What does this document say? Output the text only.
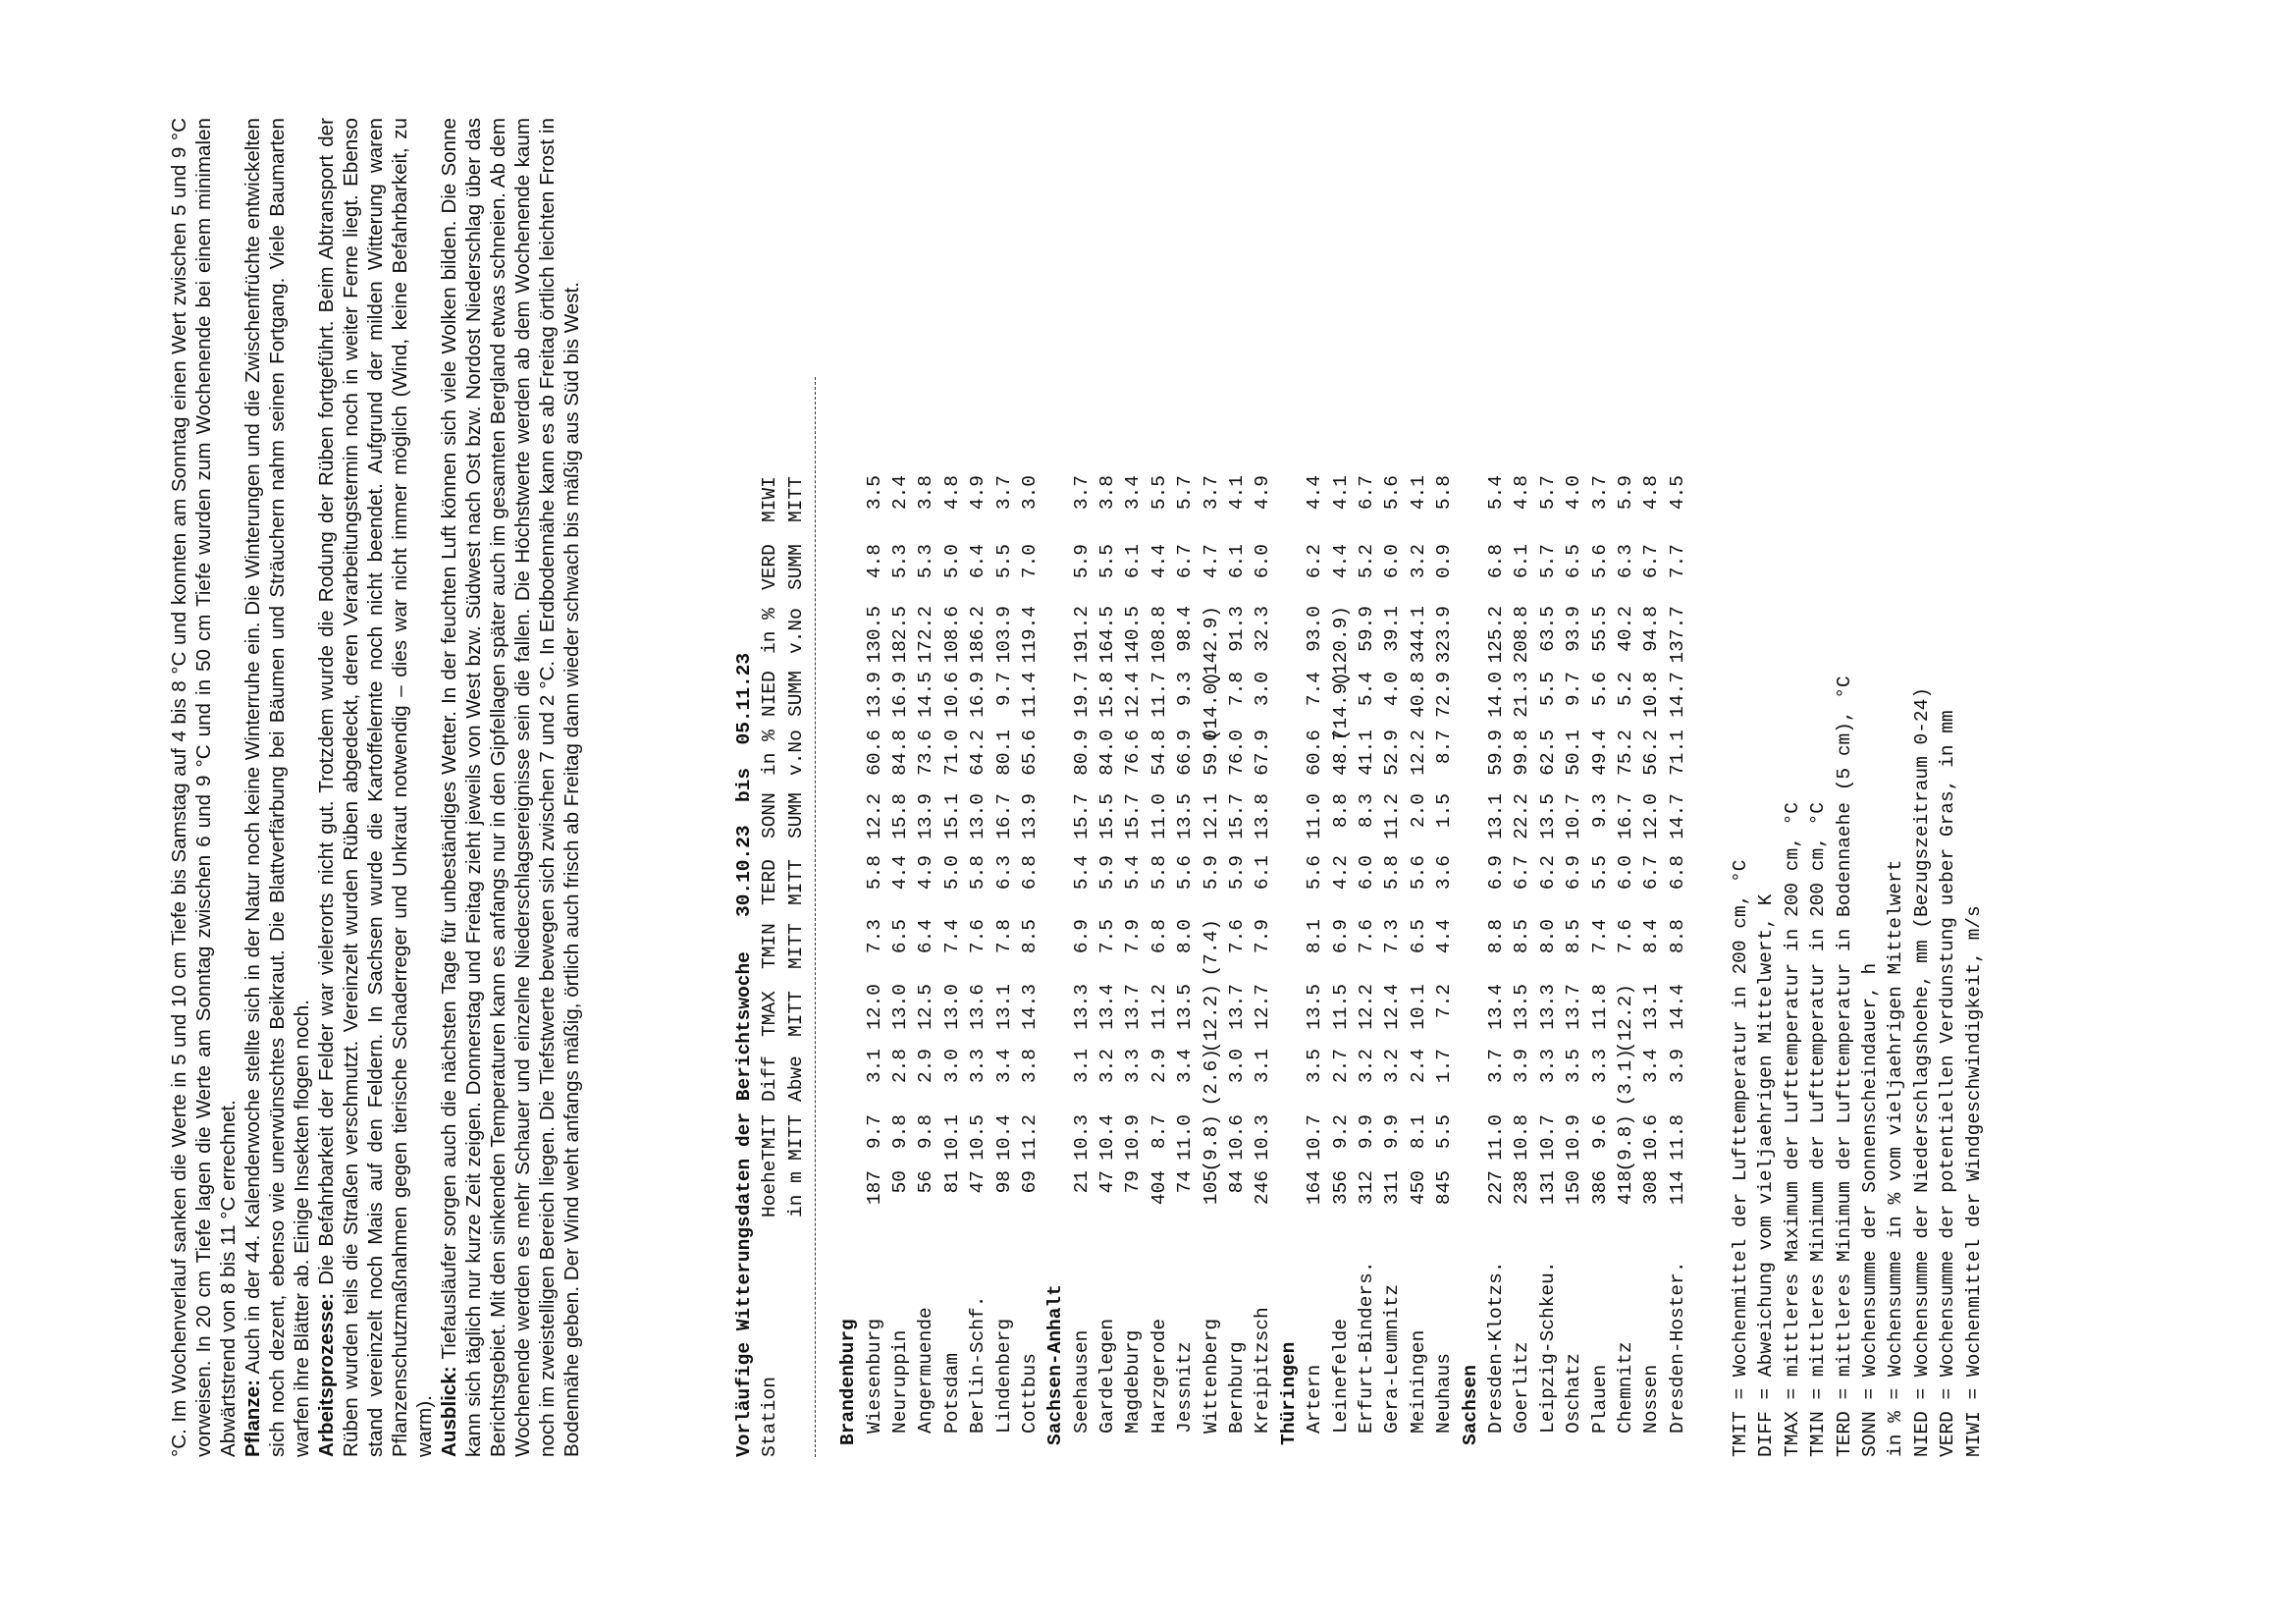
°C. Im Wochenverlauf sanken die Werte in 5 und 10 cm Tiefe bis Samstag auf 4 bis 8 °C und konnten am Sonntag einen Wert zwischen 5 und 9 °C vorweisen. In 20 cm Tiefe lagen die Werte am Sonntag zwischen 6 und 9 °C und in 50 cm Tiefe wurden zum Wochenende bei einem minimalen Abwärtstrend von 8 bis 11 °C errechnet. Pflanze: Auch in der 44. Kalenderwoche stellte sich in der Natur noch keine Winterruhe ein. Die Winterungen und die Zwischenfrüchte entwickelten sich noch dezent, ebenso wie unerwünschtes Beikraut. Die Blattverfärbung bei Bäumen und Sträuchern nahm seinen Fortgang. Viele Baumarten warfen ihre Blätter ab. Einige Insekten flogen noch. Arbeitsprozesse: Die Befahrbarkeit der Felder war vielerorts nicht gut. Trotzdem wurde die Rodung der Rüben fortgeführt. Beim Abtransport der Rüben wurden teils die Straßen verschmutzt. Vereinzelt wurden Rüben abgedeckt, deren Verarbeitungstermin noch in weiter Ferne liegt. Ebenso stand vereinzelt noch Mais auf den Feldern. In Sachsen wurde die Kartoffelernte noch nicht beendet. Aufgrund der milden Witterung waren Pflanzenschutzmaßnahmen gegen tierische Schaderreger und Unkraut notwendig – dies war nicht immer möglich (Wind, keine Befahrbarkeit, zu warm). Ausblick: Tiefausläufer sorgen auch die nächsten Tage für unbeständiges Wetter. In der feuchten Luft können sich viele Wolken bilden. Die Sonne kann sich täglich nur kurze Zeit zeigen. Donnerstag und Freitag zieht jeweils von West bzw. Südwest nach Ost bzw. Nordost Niederschlag über das Berichtsgebiet. Mit den sinkenden Temperaturen kann es anfangs nur in den Gipfellagen später auch im gesamten Bergland etwas schneien. Ab dem Wochenende werden es mehr Schauer und einzelne Niederschlagsereignisse sein die fallen. Die Höchstwerte werden ab dem Wochenende kaum noch im zweistelligen Bereich liegen. Die Tiefstwerte bewegen sich zwischen 7 und 2 °C. In Erdbodennähe kann es ab Freitag örtlich leichten Frost in Bodennähe geben. Der Wind weht anfangs mäßig, örtlich auch frisch ab Freitag dann wieder schwach bis mäßig aus Süd bis West.	Vorläufige Witterungsdaten der Berichtswoche   30.10.23  bis  05.11.23 Station
Hoehe
TMIT
Diff
TMAX
TMIN
TERD
SONN
in %
NIED
in %
VERD
MIWI
in m
MITT
Abwe
MITT
MITT
MITT
SUMM
v.No
SUMM
v.No
SUMM
MITT
Brandenburg Wiesenburg
187
9.7
3.1
12.0
7.3
5.8
12.2
60.6
13.9
130.5
4.8
3.5
Neuruppin
50
9.8
2.8
13.0
6.5
4.4
15.8
84.8
16.9
182.5
5.3
2.4
Angermuende
56
9.8
2.9
12.5
6.4
4.9
13.9
73.6
14.5
172.2
5.3
3.8
Potsdam
81
10.1
3.0
13.0
7.4
5.0
15.1
71.0
10.6
108.6
5.0
4.8
Berlin-Schf.
47
10.5
3.3
13.6
7.6
5.8
13.0
64.2
16.9
186.2
6.4
4.9
Lindenberg
98
10.4
3.4
13.1
7.8
6.3
16.7
80.1
9.7
103.9
5.5
3.7
Cottbus
69
11.2
3.8
14.3
8.5
6.8
13.9
65.6
11.4
119.4
7.0
3.0
Sachsen-Anhalt Seehausen
21
10.3
3.1
13.3
6.9
5.4
15.7
80.9
19.7
191.2
5.9
3.7
Gardelegen
47
10.4
3.2
13.4
7.5
5.9
15.5
84.0
15.8
164.5
5.5
3.8
Magdeburg
79
10.9
3.3
13.7
7.9
5.4
15.7
76.6
12.4
140.5
6.1
3.4
Harzgerode
404
8.7
2.9
11.2
6.8
5.8
11.0
54.8
11.7
108.8
4.4
5.5
Jessnitz
74
11.0
3.4
13.5
8.0
5.6
13.5
66.9
9.3
98.4
6.7
5.7
Wittenberg
105
(9.8)
(2.6)
(12.2)
(7.4)
5.9
12.1
59.0
(14.0)
(142.9)
4.7
3.7
Bernburg
84
10.6
3.0
13.7
7.6
5.9
15.7
76.0
7.8
91.3
6.1
4.1
Kreipitzsch
246
10.3
3.1
12.7
7.9
6.1
13.8
67.9
3.0
32.3
6.0
4.9
Thüringen Artern
164
10.7
3.5
13.5
8.1
5.6
11.0
60.6
7.4
93.0
6.2
4.4
Leinefelde
356
9.2
2.7
11.5
6.9
4.2
8.8
48.7
(14.9)
(120.9)
4.4
4.1
Erfurt-Binders.
312
9.9
3.2
12.2
7.6
6.0
8.3
41.1
5.4
59.9
5.2
6.7
Gera-Leumnitz
311
9.9
3.2
12.4
7.3
5.8
11.2
52.9
4.0
39.1
6.0
5.6
Meiningen
450
8.1
2.4
10.1
6.5
5.6
2.0
12.2
40.8
344.1
3.2
4.1
Neuhaus
845
5.5
1.7
7.2
4.4
3.6
1.5
8.7
72.9
323.9
0.9
5.8
Sachsen Dresden-Klotzs.
227
11.0
3.7
13.4
8.8
6.9
13.1
59.9
14.0
125.2
6.8
5.4
Goerlitz
238
10.8
3.9
13.5
8.5
6.7
22.2
99.8
21.3
208.8
6.1
4.8
Leipzig-Schkeu.
131
10.7
3.3
13.3
8.0
6.2
13.5
62.5
5.5
63.5
5.7
5.7
Oschatz
150
10.9
3.5
13.7
8.5
6.9
10.7
50.1
9.7
93.9
6.5
4.0
Plauen
386
9.6
3.3
11.8
7.4
5.5
9.3
49.4
5.6
55.5
5.6
3.7
Chemnitz
418
(9.8)
(3.1)
(12.2)
7.6
6.0
16.7
75.2
5.2
40.2
6.3
5.9
Nossen
308
10.6
3.4
13.1
8.4
6.7
12.0
56.2
10.8
94.8
6.7
4.8
Dresden-Hoster.
114
11.8
3.9
14.4
8.8
6.8
14.7
71.1
14.7
137.7
7.7
4.5
TMIT = Wochenmittel der Lufttemperatur in 200 cm, °C DIFF = Abweichung vom vieljaehrigen Mittelwert, K TMAX = mittleres Maximum der Lufttemperatur in 200 cm, °C TMIN = mittleres Minimum der Lufttemperatur in 200 cm, °C TERD = mittleres Minimum der Lufttemperatur in Bodennaehe (5 cm), °C SONN = Wochensumme der Sonnenscheindauer, h in % = Wochensumme in % vom vieljaehrigen Mittelwert NIED = Wochensumme der Niederschlagshoehe, mm (Bezugszeitraum 0-24) VERD = Wochensumme der potentiellen Verdunstung ueber Gras, in mm MIWI = Wochenmittel der Windgeschwindigkeit, m/s
